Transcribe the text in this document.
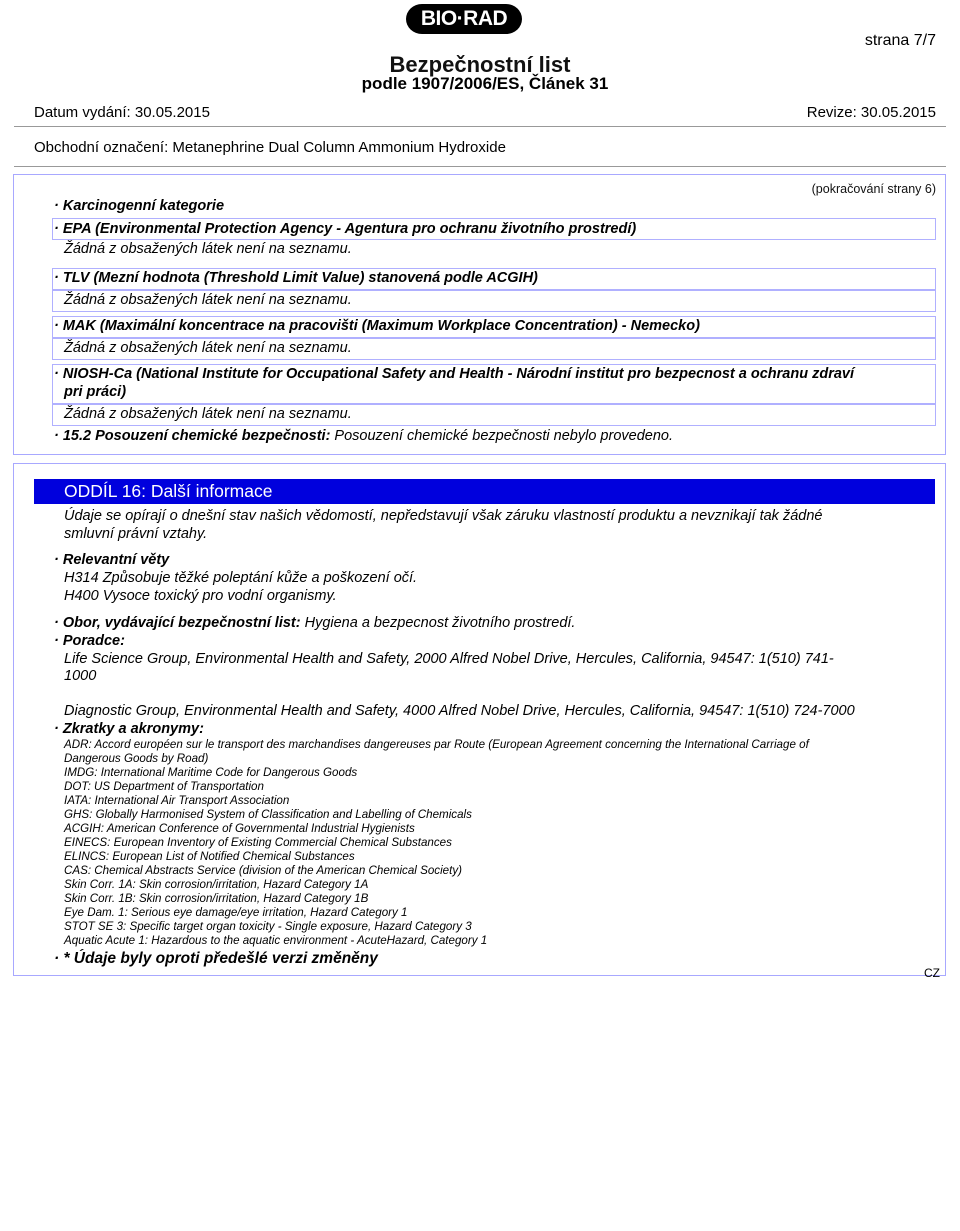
BIO·RAD
strana 7/7
Bezpečnostní list
podle 1907/2006/ES, Článek 31
Datum vydání: 30.05.2015	Revize: 30.05.2015
Obchodní označení: Metanephrine Dual Column Ammonium Hydroxide
(pokračování strany 6)
· Karcinogenní kategorie
· EPA (Environmental Protection Agency - Agentura pro ochranu životního prostredí)
Žádná z obsažených látek není na seznamu.
· TLV (Mezní hodnota (Threshold Limit Value) stanovená podle ACGIH)
Žádná z obsažených látek není na seznamu.
· MAK (Maximální koncentrace na pracovišti (Maximum Workplace Concentration) - Nemecko)
Žádná z obsažených látek není na seznamu.
· NIOSH-Ca (National Institute for Occupational Safety and Health - Národní institut pro bezpecnost a ochranu zdraví
pri práci)
Žádná z obsažených látek není na seznamu.
· 15.2 Posouzení chemické bezpečnosti: Posouzení chemické bezpečnosti nebylo provedeno.
ODDÍL 16: Další informace
Údaje se opírají o dnešní stav našich vědomostí, nepředstavují však záruku vlastností produktu a nevznikají tak žádné
smluvní právní vztahy.
· Relevantní věty
H314 Způsobuje těžké poleptání kůže a poškození očí.
H400 Vysoce toxický pro vodní organismy.
· Obor, vydávající bezpečnostní list: Hygiena a bezpecnost životního prostredí.
· Poradce:
Life Science Group, Environmental Health and Safety, 2000 Alfred Nobel Drive, Hercules, California, 94547: 1(510) 741-
1000
Diagnostic Group, Environmental Health and Safety, 4000 Alfred Nobel Drive, Hercules, California, 94547: 1(510) 724-7000
· Zkratky a akronymy:
ADR: Accord européen sur le transport des marchandises dangereuses par Route (European Agreement concerning the International Carriage of
Dangerous Goods by Road)
IMDG: International Maritime Code for Dangerous Goods
DOT: US Department of Transportation
IATA: International Air Transport Association
GHS: Globally Harmonised System of Classification and Labelling of Chemicals
ACGIH: American Conference of Governmental Industrial Hygienists
EINECS: European Inventory of Existing Commercial Chemical Substances
ELINCS: European List of Notified Chemical Substances
CAS: Chemical Abstracts Service (division of the American Chemical Society)
Skin Corr. 1A: Skin corrosion/irritation, Hazard Category 1A
Skin Corr. 1B: Skin corrosion/irritation, Hazard Category 1B
Eye Dam. 1: Serious eye damage/eye irritation, Hazard Category 1
STOT SE 3: Specific target organ toxicity - Single exposure, Hazard Category 3
Aquatic Acute 1: Hazardous to the aquatic environment - AcuteHazard, Category 1
· * Údaje byly oproti předešlé verzi změněny
CZ
